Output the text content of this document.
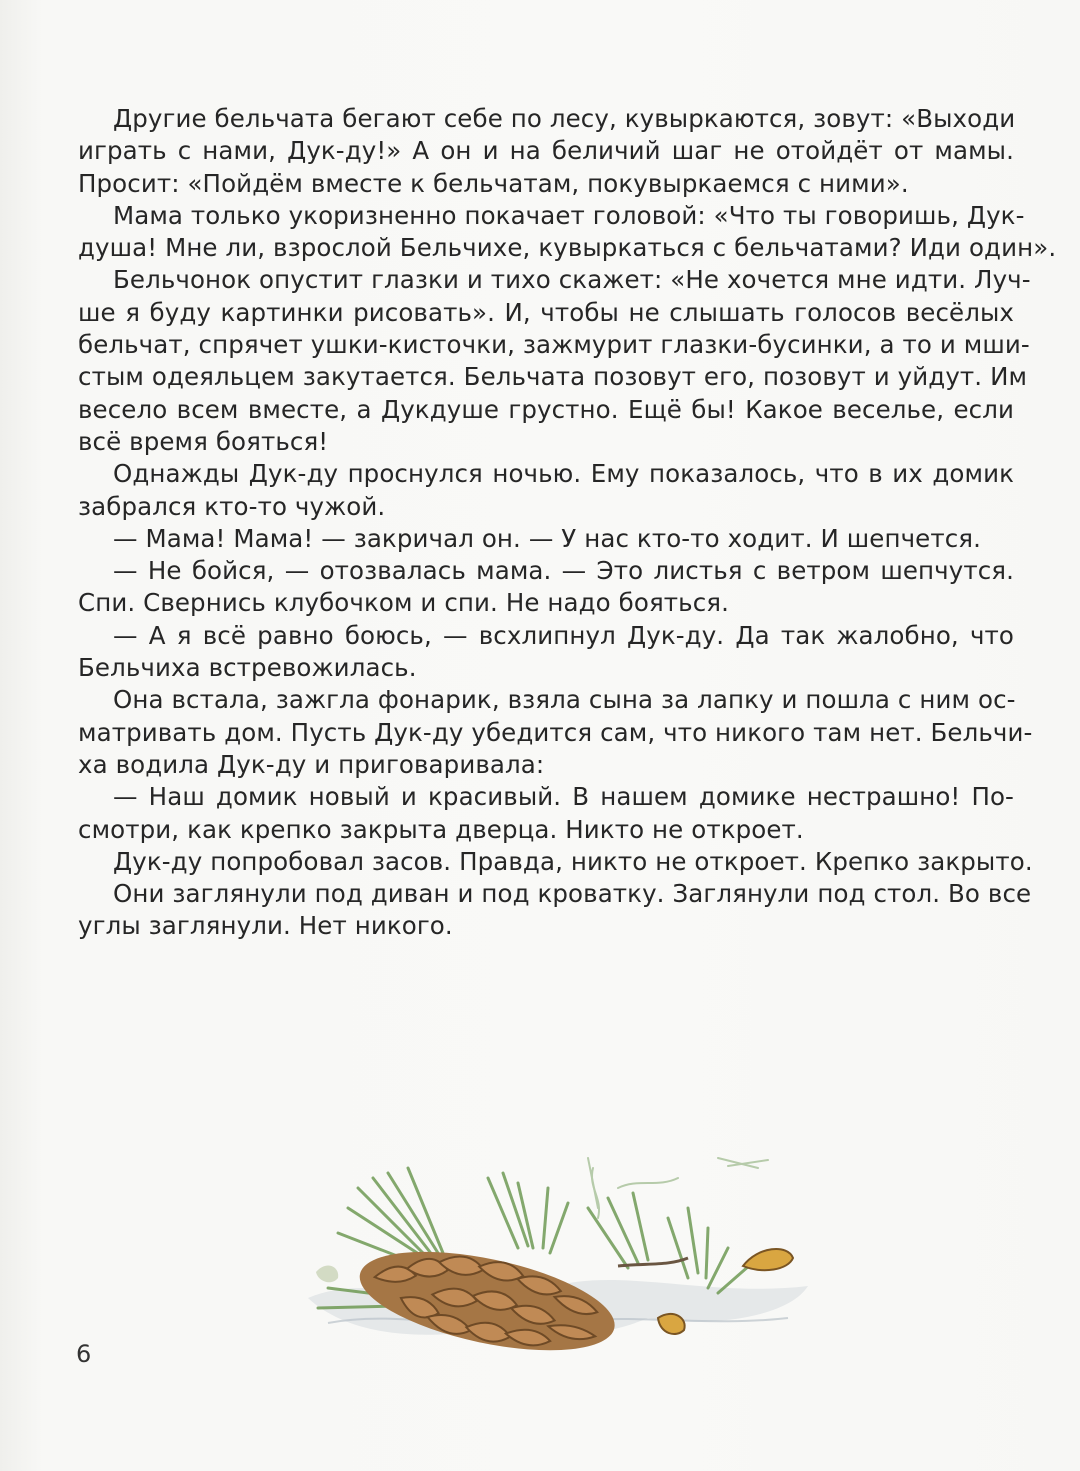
Другие бельчата бегают себе по лесу, кувыркаются, зовут: «Выходи
играть с нами, Дук-ду!» А он и на беличий шаг не отойдёт от мамы.
Просит: «Пойдём вместе к бельчатам, покувыркаемся с ними».

Мама только укоризненно покачает головой: «Что ты говоришь, Дук-
душа! Мне ли, взрослой Бельчихе, кувыркаться с бельчатами? Иди один».

Бельчонок опустит глазки и тихо скажет: «Не хочется мне идти. Луч-
ше я буду картинки рисовать». И, чтобы не слышать голосов весёлых
бельчат, спрячет ушки-кисточки, зажмурит глазки-бусинки, а то и мши-
стым одеяльцем закутается. Бельчата позовут его, позовут и уйдут. Им
весело всем вместе, а Дукдуше грустно. Ещё бы! Какое веселье, если
всё время бояться!

Однажды Дук-ду проснулся ночью. Ему показалось, что в их домик
забрался кто-то чужой.

— Мама! Мама! — закричал он. — У нас кто-то ходит. И шепчется.

— Не бойся, — отозвалась мама. — Это листья с ветром шепчутся.
Спи. Свернись клубочком и спи. Не надо бояться.

— А я всё равно боюсь, — всхлипнул Дук-ду. Да так жалобно, что
Бельчиха встревожилась.

Она встала, зажгла фонарик, взяла сына за лапку и пошла с ним ос-
матривать дом. Пусть Дук-ду убедится сам, что никого там нет. Бельчи-
ха водила Дук-ду и приговаривала:

— Наш домик новый и красивый. В нашем домике нестрашно! По-
смотри, как крепко закрыта дверца. Никто не откроет.

Дук-ду попробовал засов. Правда, никто не откроет. Крепко закрыто.

Они заглянули под диван и под кроватку. Заглянули под стол. Во все
углы заглянули. Нет никого.

6
